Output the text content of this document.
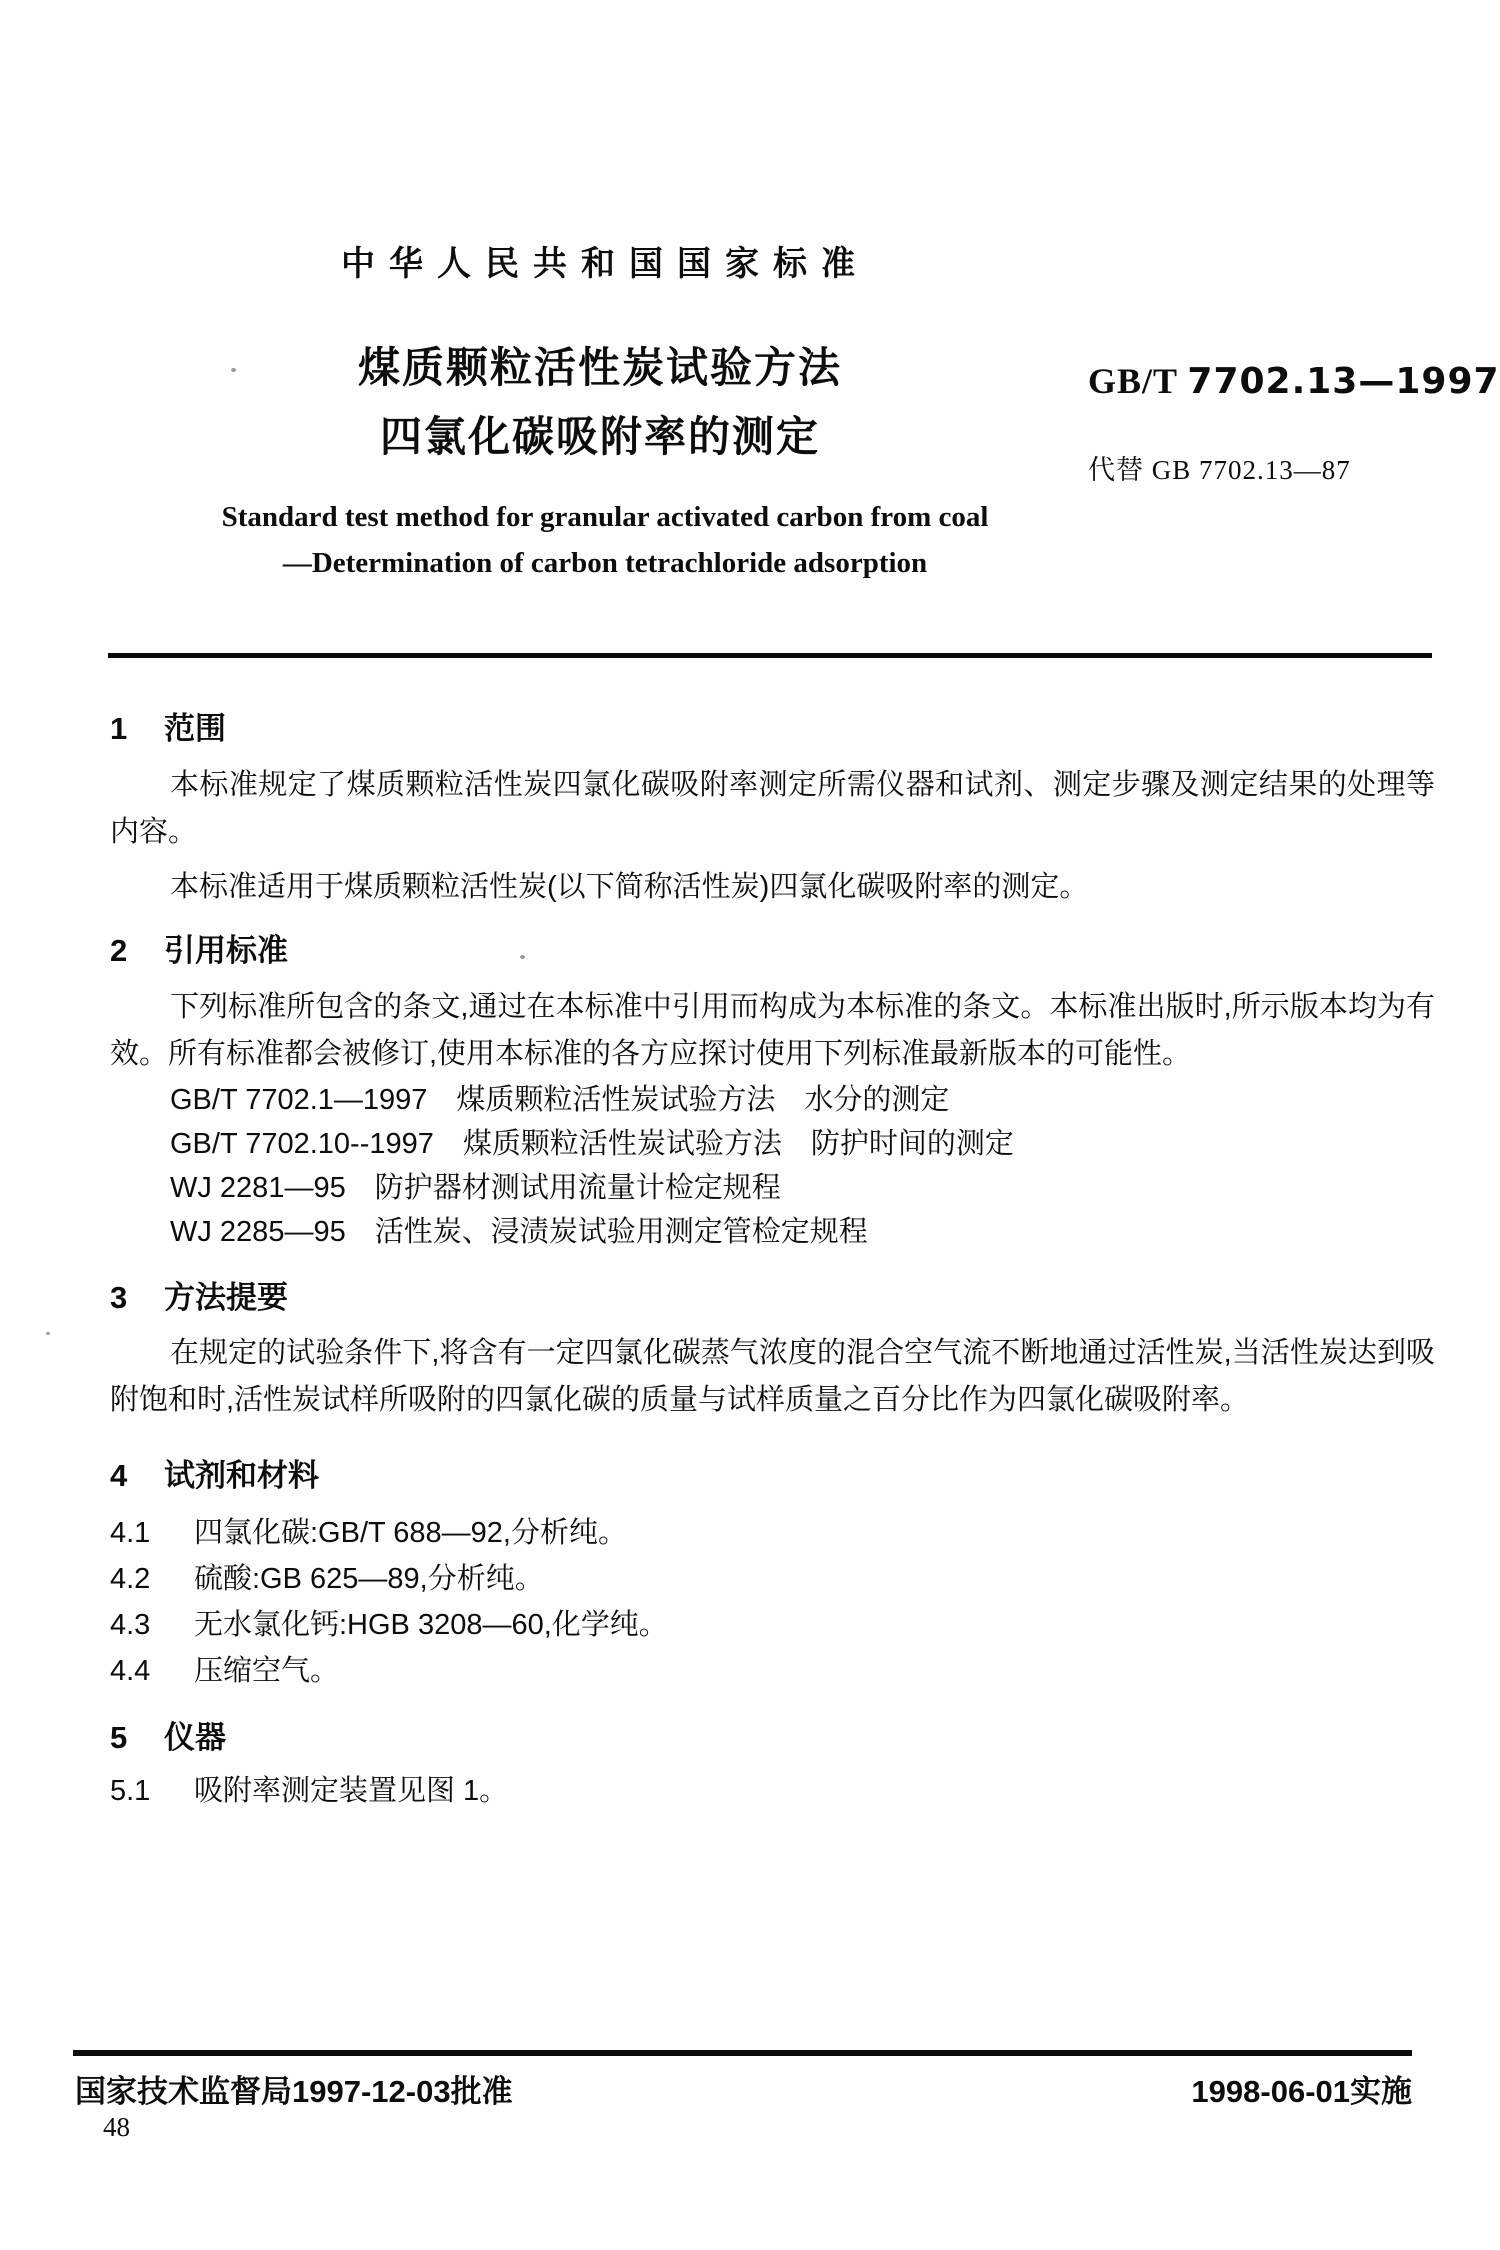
中华人民共和国国家标准
煤质颗粒活性炭试验方法
四氯化碳吸附率的测定
GB/T 7702.13—1997
代替 GB 7702.13—87
Standard test method for granular activated carbon from coal
—Determination of carbon tetrachloride adsorption
1 范围
本标准规定了煤质颗粒活性炭四氯化碳吸附率测定所需仪器和试剂、测定步骤及测定结果的处理等内容。
本标准适用于煤质颗粒活性炭(以下简称活性炭)四氯化碳吸附率的测定。
2 引用标准
下列标准所包含的条文,通过在本标准中引用而构成为本标准的条文。本标准出版时,所示版本均为有效。所有标准都会被修订,使用本标准的各方应探讨使用下列标准最新版本的可能性。
GB/T 7702.1—1997　煤质颗粒活性炭试验方法　水分的测定
GB/T 7702.10--1997　煤质颗粒活性炭试验方法　防护时间的测定
WJ 2281—95　防护器材测试用流量计检定规程
WJ 2285—95　活性炭、浸渍炭试验用测定管检定规程
3 方法提要
在规定的试验条件下,将含有一定四氯化碳蒸气浓度的混合空气流不断地通过活性炭,当活性炭达到吸附饱和时,活性炭试样所吸附的四氯化碳的质量与试样质量之百分比作为四氯化碳吸附率。
4 试剂和材料
4.1 四氯化碳:GB/T 688—92,分析纯。
4.2 硫酸:GB 625—89,分析纯。
4.3 无水氯化钙:HGB 3208—60,化学纯。
4.4 压缩空气。
5 仪器
5.1 吸附率测定装置见图 1。
国家技术监督局1997-12-03批准	1998-06-01实施
48
